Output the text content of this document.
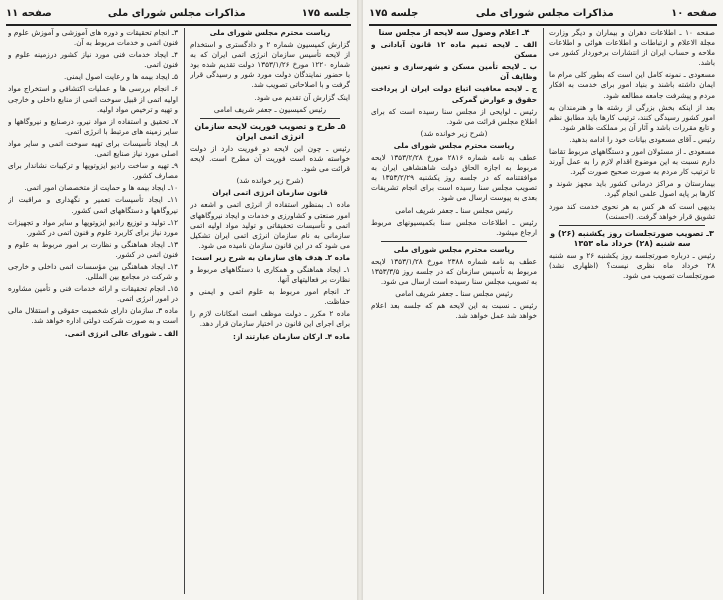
جلسه ۱۷۵
مذاکرات مجلس شورای ملی
صفحه ۱۱

ریاست محترم مجلس شورای ملی

گزارش کمیسیون شماره ۲ و دادگستری و استخدام از لایحه تأسیس سازمان انرژی اتمی ایران که به شماره ۱۲۲۰ مورخ ۱۳۵۳/۱/۲۶ دولت تقدیم شده بود با حضور نمایندگان دولت مورد شور و رسیدگی قرار گرفت و با اصلاحاتی تصویب شد.

اینک گزارش آن تقدیم می شود.

رئیس کمیسیون ـ جعفر شریف امامی

۵ـ طرح و تصویب فوریت لایحه سازمان انرژی اتمی ایران

رئیس ـ چون این لایحه دو فوریت دارد از دولت خواسته شده است فوریت آن مطرح است. لایحه قرائت می شود.

(شرح زیر خوانده شد)

قانون سازمان انرژی اتمی ایران

ماده ۱ـ بمنظور استفاده از انرژی اتمی و اشعه در امور صنعتی و کشاورزی و خدمات و ایجاد نیروگاههای اتمی و تأسیسات تحقیقاتی و تولید مواد اولیه اتمی سازمانی به نام سازمان انرژی اتمی ایران تشکیل می شود که در این قانون سازمان نامیده می شود.

ماده ۲ـ هدف های سازمان به شرح زیر است:

۱ـ ایجاد هماهنگی و همکاری با دستگاههای مربوط و نظارت بر فعالیتهای آنها.

۲ـ انجام امور مربوط به علوم اتمی و ایمنی و حفاظت.

ماده ۲ مکرر ـ دولت موظف است امکانات لازم را برای اجرای این قانون در اختیار سازمان قرار دهد.

ماده ۴ـ ارکان سازمان عبارتند از:

۳ـ انجام تحقیقات و دوره های آموزشی و آموزش علوم و فنون اتمی و خدمات مربوط به آن.

۴ـ ایجاد خدمات فنی مورد نیاز کشور درزمینه علوم و فنون اتمی.

۵ـ ایجاد بیمه ها و رعایت اصول ایمنی.

۶ـ انجام بررسی ها و عملیات اکتشافی و استخراج مواد اولیه اتمی از قبیل سوخت اتمی از منابع داخلی و خارجی و تهیه و ترخیص مواد اولیه.

۷ـ تحقیق و استفاده از مواد نیرو، درصنایع و نیروگاهها و سایر زمینه های مرتبط با انرژی اتمی.

۸ـ ایجاد تأسیسات برای تهیه سوخت اتمی و سایر مواد اصلی مورد نیاز صنایع اتمی.

۹ـ تهیه و ساخت رادیو ایزوتوپها و ترکیبات نشاندار برای مصارف کشور.

۱۰ـ ایجاد بیمه ها و حمایت از متخصصان امور اتمی.

۱۱ـ ایجاد تأسیسات تعمیر و نگهداری و مراقبت از نیروگاهها و دستگاههای اتمی کشور.

۱۲ـ تولید و توزیع رادیو ایزوتوپها و سایر مواد و تجهیزات مورد نیاز برای کاربرد علوم و فنون اتمی در کشور.

۱۳ـ ایجاد هماهنگی و نظارت بر امور مربوط به علوم و فنون اتمی در کشور.

۱۴ـ ایجاد هماهنگی بین مؤسسات اتمی داخلی و خارجی و شرکت در مجامع بین المللی.

۱۵ـ انجام تحقیقات و ارائه خدمات فنی و تأمین مشاوره در امور انرژی اتمی.

ماده ۳ـ سازمان دارای شخصیت حقوقی و استقلال مالی است و به صورت شرکت دولتی اداره خواهد شد.

الف ـ شورای عالی انرژی اتمی.

صفحه ۱۰
مذاکرات مجلس شورای ملی
جلسه ۱۷۵

صفحه ۱۰ ـ اطلاعات دهران و بیماران و دیگر وزارت مجلة الاعلام و ارتباطات و اطلاعات هوائی و اطلاعات ملاحه و حساب ایران از انتشارات برخوردار کشور می باشد.

مسعودی ـ نمونه کامل این است که بطور کلی مرام ما ایمان داشته باشند و بنیاد امور برای خدمت به افکار مردم و پیشرفت جامعه مطالعه شود.

بعد از اینکه بخش بزرگی از رشته ها و هنرمندان به امور کشور رسیدگی کنند، ترتیب کارها باید مطابق نظم و تابع مقررات باشد و آثار آن بر مملکت ظاهر شود.

رئیس ـ آقای مسعودی بیانات خود را ادامه بدهید.

مسعودی ـ از مسئولان امور و دستگاههای مربوط تقاضا دارم نسبت به این موضوع اقدام لازم را به عمل آورند تا ترتیب کار مردم به صورت صحیح صورت گیرد.

بیمارستان و مراکز درمانی کشور باید مجهز شوند و کارها بر پایه اصول علمی انجام گیرد.

بدیهی است که هر کس به هر نحوی خدمت کند مورد تشویق قرار خواهد گرفت. (احسنت)

۳ـ تصویب صورتجلسات روز یکشنبه (۲۶) و سه شنبه (۲۸) خرداد ماه ۱۳۵۳

رئیس ـ درباره صورتجلسه روز یکشنبه ۲۶ و سه شنبه ۲۸ خرداد ماه نظری نیست؟ (اظهاری نشد) صورتجلسات تصویب می شود.

۴ـ اعلام وصول سه لایحه از مجلس سنا

الف ـ لایحه تمیم ماده ۱۲ قانون آبادانی و مسکن

ب ـ لایحه تأمین مسکن و شهرسازی و تعیین وظایف آن

ج ـ لایحه معافیت اتباع دولت ایران از پرداخت حقوق و عوارض گمرکی

رئیس ـ لوایحی از مجلس سنا رسیده است که برای اطلاع مجلس قرائت می شود.

(شرح زیر خوانده شد)

ریاست محترم مجلس شورای ملی

عطف به نامه شماره ۲۸۱۶ مورخ ۱۳۵۳/۲/۲۸ لایحه مربوط به اجازه الحاق دولت شاهنشاهی ایران به موافقتنامه که در جلسه روز یکشنبه ۱۳۵۳/۲/۲۹ به تصویب مجلس سنا رسیده است برای انجام تشریفات بعدی به پیوست ارسال می شود.

رئیس مجلس سنا ـ جعفر شریف امامی

رئیس ـ اطلاعات مجلس سنا بکمیسیونهای مربوط ارجاع میشود.

ریاست محترم مجلس شورای ملی

عطف به نامه شماره ۲۳۸۸ مورخ ۱۳۵۳/۱/۲۸ لایحه مربوط به تأسیس سازمان که در جلسه روز ۱۳۵۳/۳/۵ به تصویب مجلس سنا رسیده است ارسال می شود.

رئیس مجلس سنا ـ جعفر شریف امامی

رئیس ـ نسبت به این لایحه هم که جلسه بعد اعلام خواهد شد عمل خواهد شد.
